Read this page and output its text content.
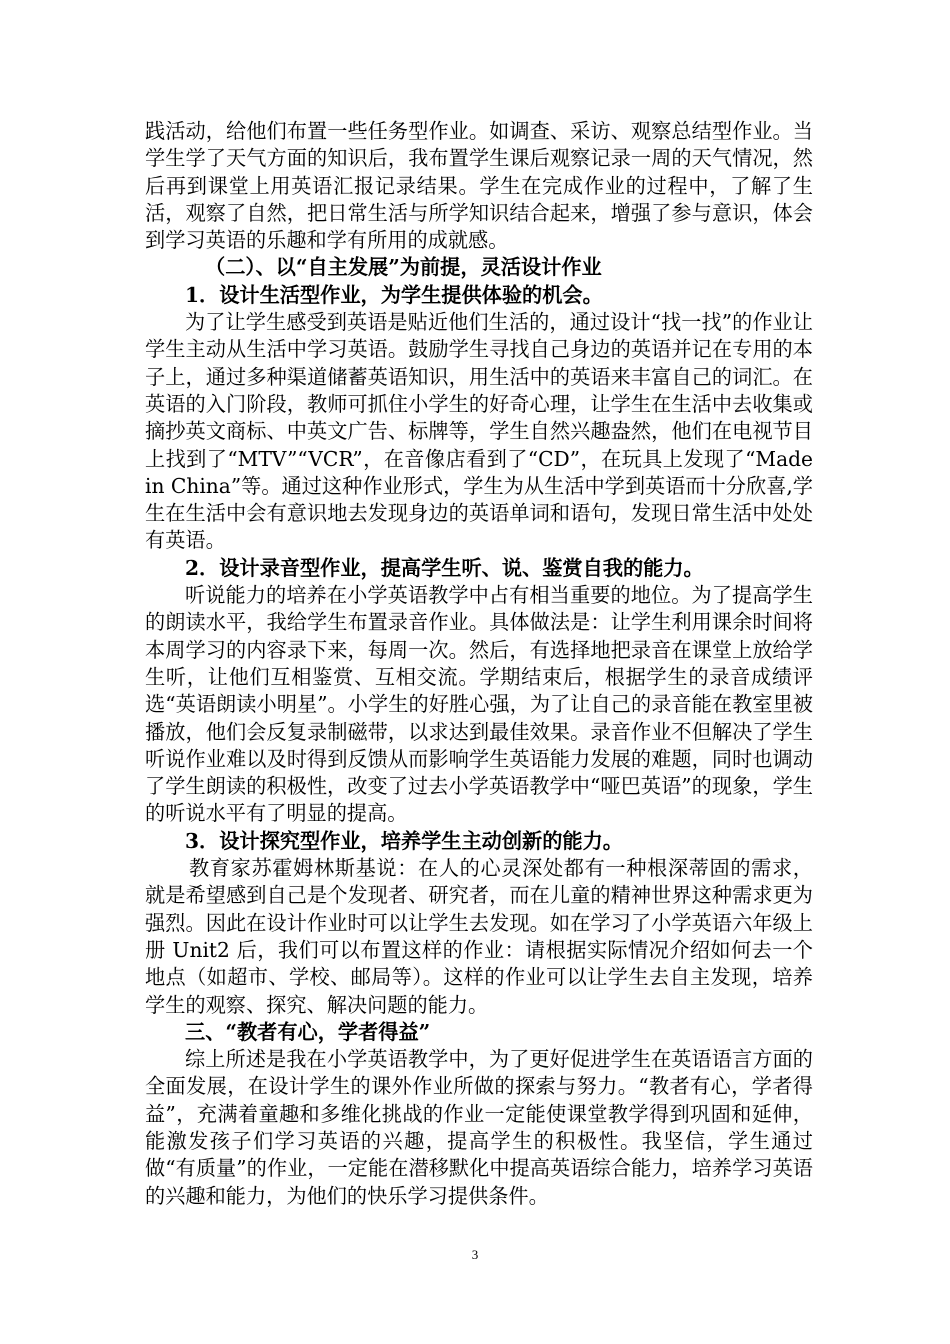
践活动，给他们布置一些任务型作业。如调查、采访、观察总结型作业。当学生学了天气方面的知识后，我布置学生课后观察记录一周的天气情况，然后再到课堂上用英语汇报记录结果。学生在完成作业的过程中，了解了生活，观察了自然，把日常生活与所学知识结合起来，增强了参与意识，体会到学习英语的乐趣和学有所用的成就感。

（二）、以“自主发展”为前提，灵活设计作业

1．设计生活型作业，为学生提供体验的机会。

为了让学生感受到英语是贴近他们生活的，通过设计“找一找”的作业让学生主动从生活中学习英语。鼓励学生寻找自己身边的英语并记在专用的本子上，通过多种渠道储蓄英语知识，用生活中的英语来丰富自己的词汇。在英语的入门阶段，教师可抓住小学生的好奇心理，让学生在生活中去收集或摘抄英文商标、中英文广告、标牌等，学生自然兴趣盎然，他们在电视节目上找到了“MTV”“VCR”，在音像店看到了“CD”，在玩具上发现了“Made in China”等。通过这种作业形式，学生为从生活中学到英语而十分欣喜,学生在生活中会有意识地去发现身边的英语单词和语句，发现日常生活中处处有英语。

2．设计录音型作业，提高学生听、说、鉴赏自我的能力。

听说能力的培养在小学英语教学中占有相当重要的地位。为了提高学生的朗读水平，我给学生布置录音作业。具体做法是：让学生利用课余时间将本周学习的内容录下来，每周一次。然后，有选择地把录音在课堂上放给学生听，让他们互相鉴赏、互相交流。学期结束后，根据学生的录音成绩评选“英语朗读小明星”。小学生的好胜心强，为了让自己的录音能在教室里被播放，他们会反复录制磁带，以求达到最佳效果。录音作业不但解决了学生听说作业难以及时得到反馈从而影响学生英语能力发展的难题，同时也调动了学生朗读的积极性，改变了过去小学英语教学中“哑巴英语”的现象，学生的听说水平有了明显的提高。

3．设计探究型作业，培养学生主动创新的能力。

教育家苏霍姆林斯基说：在人的心灵深处都有一种根深蒂固的需求，就是希望感到自己是个发现者、研究者，而在儿童的精神世界这种需求更为强烈。因此在设计作业时可以让学生去发现。如在学习了小学英语六年级上册 Unit2 后，我们可以布置这样的作业：请根据实际情况介绍如何去一个地点（如超市、学校、邮局等）。这样的作业可以让学生去自主发现，培养学生的观察、探究、解决问题的能力。

三、“教者有心，学者得益”

综上所述是我在小学英语教学中，为了更好促进学生在英语语言方面的全面发展，在设计学生的课外作业所做的探索与努力。“教者有心，学者得益”，充满着童趣和多维化挑战的作业一定能使课堂教学得到巩固和延伸，能激发孩子们学习英语的兴趣，提高学生的积极性。我坚信，学生通过做“有质量”的作业，一定能在潜移默化中提高英语综合能力，培养学习英语的兴趣和能力，为他们的快乐学习提供条件。

3
